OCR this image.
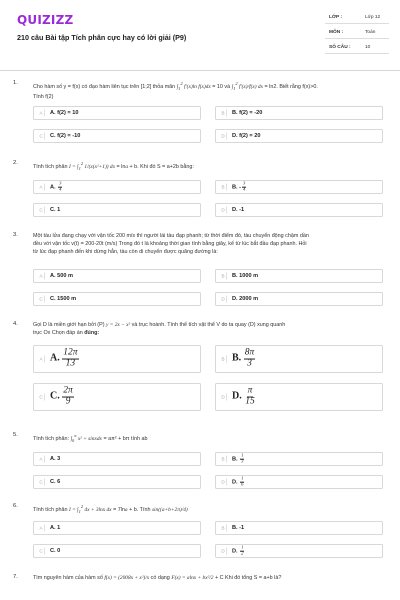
QUIZIZZ
210 câu Bài tập Tích phân cực hay có lời giải (P9)
LỚP :	Lớp 12
MÔN :	Toán
SỐ CÂU :	10
1.
Cho hàm số y = f(x) có đạo hàm liên tục trên [1;2] thỏa mãn $\int_1^2$ f'(x)ln f(x)dx = 10 và $\int_1^2$ f'(x)/f(x) dx = ln2. Biết rằng f(x)>0.
Tính f(2)
A	A. f(2) = 10	B	B. f(2) = -20
C	C. f(2) = -10	D	D. f(2) = 20
2.
Tính tích phân $I = \int_1^2$ 1/(x(x²+1)) dx = lna + b. Khi đó S = a+2b bằng:
A	A. $\frac{3}{4}$	B	B. - $\frac{3}{4}$
C	C. 1	D	D. -1
3.	Một tàu lửa đang chạy với vận tốc 200 m/s thì người lái tàu đạp phanh; từ thời điểm đó, tàu chuyển động chậm dần
đều với vận tốc v(t) = 200-20t (m/s) Trong đó t là khoảng thời gian tính bằng giây, kể từ lúc bắt đầu đạp phanh. Hỏi
từ lúc đạp phanh đến khi dừng hẳn, tàu còn di chuyển được quãng đường là:
A	A. 500 m	B	B. 1000 m
C	C. 1500 m	D	D. 2000 m
4.	Gọi D là miền giới hạn bởi (P) y = 2x − x² và trục hoành. Tính thể tích vật thể V do ta quay (D) xung quanh
trục Ox Chọn đáp án đúng:
A A. $\frac{12\pi}{13}$	B B. $\frac{8\pi}{3}$
C C. $\frac{2\pi}{9}$	D D. $\frac{\pi}{15}$
5.
Tính tích phân: $\int_0^\pi$ x² + sinxdx = aπ² + bπ tính ab
A	A. 3	B	B. $\frac{1}{3}$
C	C. 6	D	D. $\frac{1}{6}$
6.
Tính tích phân $I = \int_1^2$ 4x + 3lnx dx = 7lna + b. Tính sin((a+b+2π)/4)
A	A. 1	B	B. -1
C	C. 0	D	D. $\frac{1}{2}$
7.	Tìm nguyên hàm của hàm số f(x) = (2008x + x²)/x có dạng F(x) = alnx + bx²/2 + C Khi đó tổng S = a+b là?
